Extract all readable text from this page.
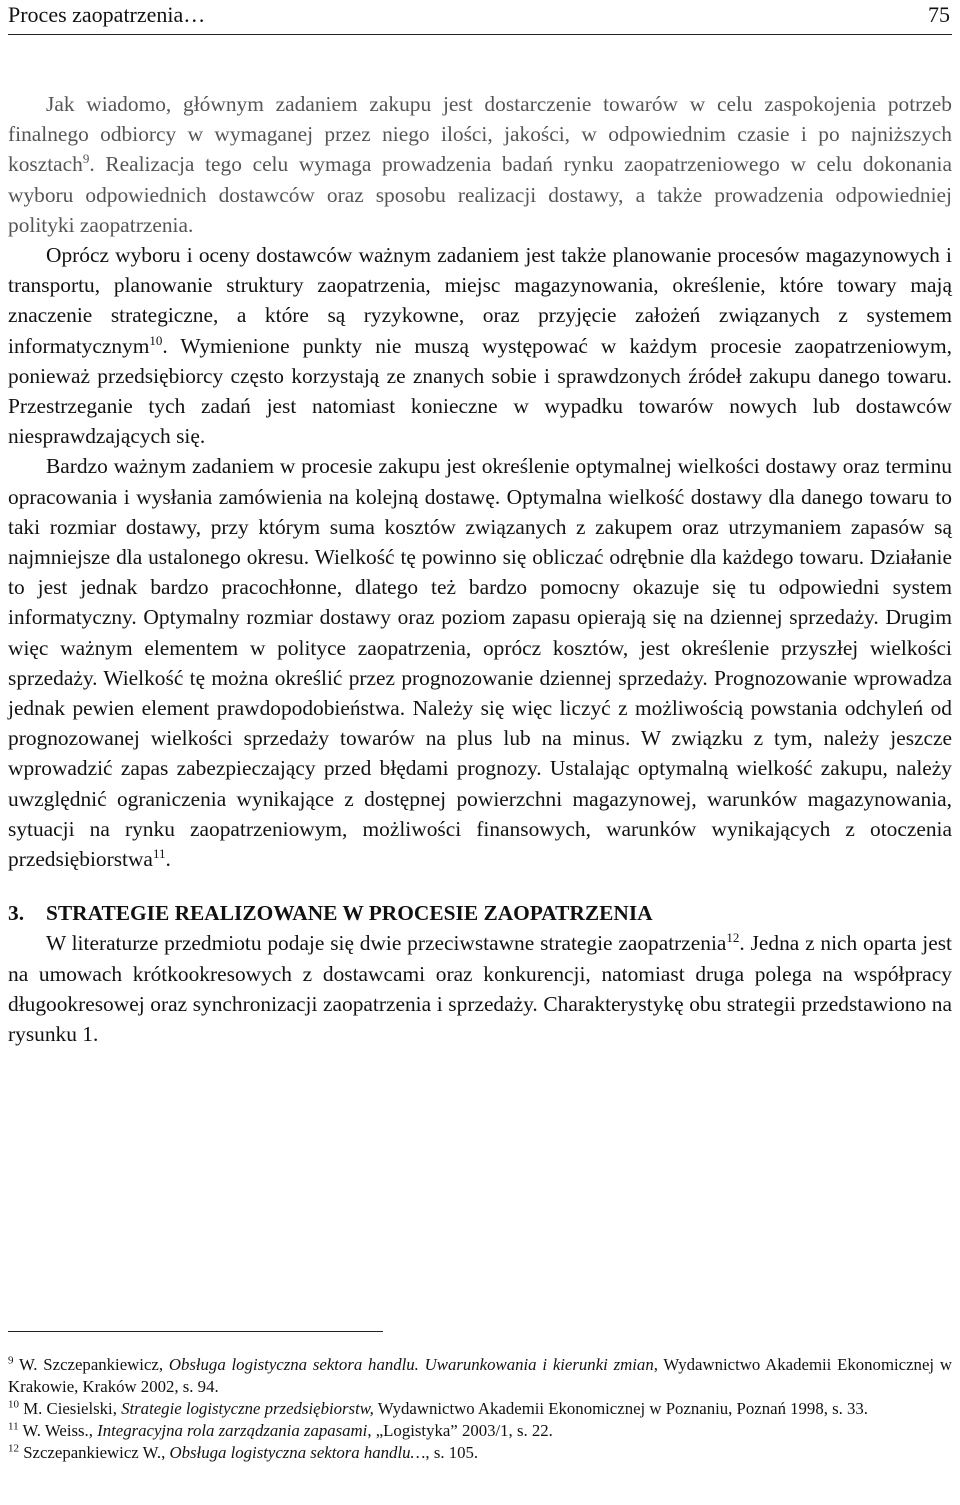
Proces zaopatrzenia…	75

Jak wiadomo, głównym zadaniem zakupu jest dostarczenie towarów w celu zaspokojenia potrzeb finalnego odbiorcy w wymaganej przez niego ilości, jakości, w odpowiednim czasie i po najniższych kosztach$^9$. Realizacja tego celu wymaga prowadzenia badań rynku zaopatrzeniowego w celu dokonania wyboru odpowiednich dostawców oraz sposobu realizacji dostawy, a także prowadzenia odpowiedniej polityki zaopatrzenia.

Oprócz wyboru i oceny dostawców ważnym zadaniem jest także planowanie procesów magazynowych i transportu, planowanie struktury zaopatrzenia, miejsc magazynowania, określenie, które towary mają znaczenie strategiczne, a które są ryzykowne, oraz przyjęcie założeń związanych z systemem informatycznym$^{10}$. Wymienione punkty nie muszą występować w każdym procesie zaopatrzeniowym, ponieważ przedsiębiorcy często korzystają ze znanych sobie i sprawdzonych źródeł zakupu danego towaru. Przestrzeganie tych zadań jest natomiast konieczne w wypadku towarów nowych lub dostawców niesprawdzających się.

Bardzo ważnym zadaniem w procesie zakupu jest określenie optymalnej wielkości dostawy oraz terminu opracowania i wysłania zamówienia na kolejną dostawę. Optymalna wielkość dostawy dla danego towaru to taki rozmiar dostawy, przy którym suma kosztów związanych z zakupem oraz utrzymaniem zapasów są najmniejsze dla ustalonego okresu. Wielkość tę powinno się obliczać odrębnie dla każdego towaru. Działanie to jest jednak bardzo pracochłonne, dlatego też bardzo pomocny okazuje się tu odpowiedni system informatyczny. Optymalny rozmiar dostawy oraz poziom zapasu opierają się na dziennej sprzedaży. Drugim więc ważnym elementem w polityce zaopatrzenia, oprócz kosztów, jest określenie przyszłej wielkości sprzedaży. Wielkość tę można określić przez prognozowanie dziennej sprzedaży. Prognozowanie wprowadza jednak pewien element prawdopodobieństwa. Należy się więc liczyć z możliwością powstania odchyleń od prognozowanej wielkości sprzedaży towarów na plus lub na minus. W związku z tym, należy jeszcze wprowadzić zapas zabezpieczający przed błędami prognozy. Ustalając optymalną wielkość zakupu, należy uwzględnić ograniczenia wynikające z dostępnej powierzchni magazynowej, warunków magazynowania, sytuacji na rynku zaopatrzeniowym, możliwości finansowych, warunków wynikających z otoczenia przedsiębiorstwa$^{11}$.

3. STRATEGIE REALIZOWANE W PROCESIE ZAOPATRZENIA

W literaturze przedmiotu podaje się dwie przeciwstawne strategie zaopatrzenia$^{12}$. Jedna z nich oparta jest na umowach krótkookresowych z dostawcami oraz konkurencji, natomiast druga polega na współpracy długookresowej oraz synchronizacji zaopatrzenia i sprzedaży. Charakterystykę obu strategii przedstawiono na rysunku 1.

$^9$ W. Szczepankiewicz, Obsługa logistyczna sektora handlu. Uwarunkowania i kierunki zmian, Wydawnictwo Akademii Ekonomicznej w Krakowie, Kraków 2002, s. 94.

$^{10}$ M. Ciesielski, Strategie logistyczne przedsiębiorstw, Wydawnictwo Akademii Ekonomicznej w Poznaniu, Poznań 1998, s. 33.

$^{11}$ W. Weiss., Integracyjna rola zarządzania zapasami, „Logistyka” 2003/1, s. 22.

$^{12}$ Szczepankiewicz W., Obsługa logistyczna sektora handlu…, s. 105.
